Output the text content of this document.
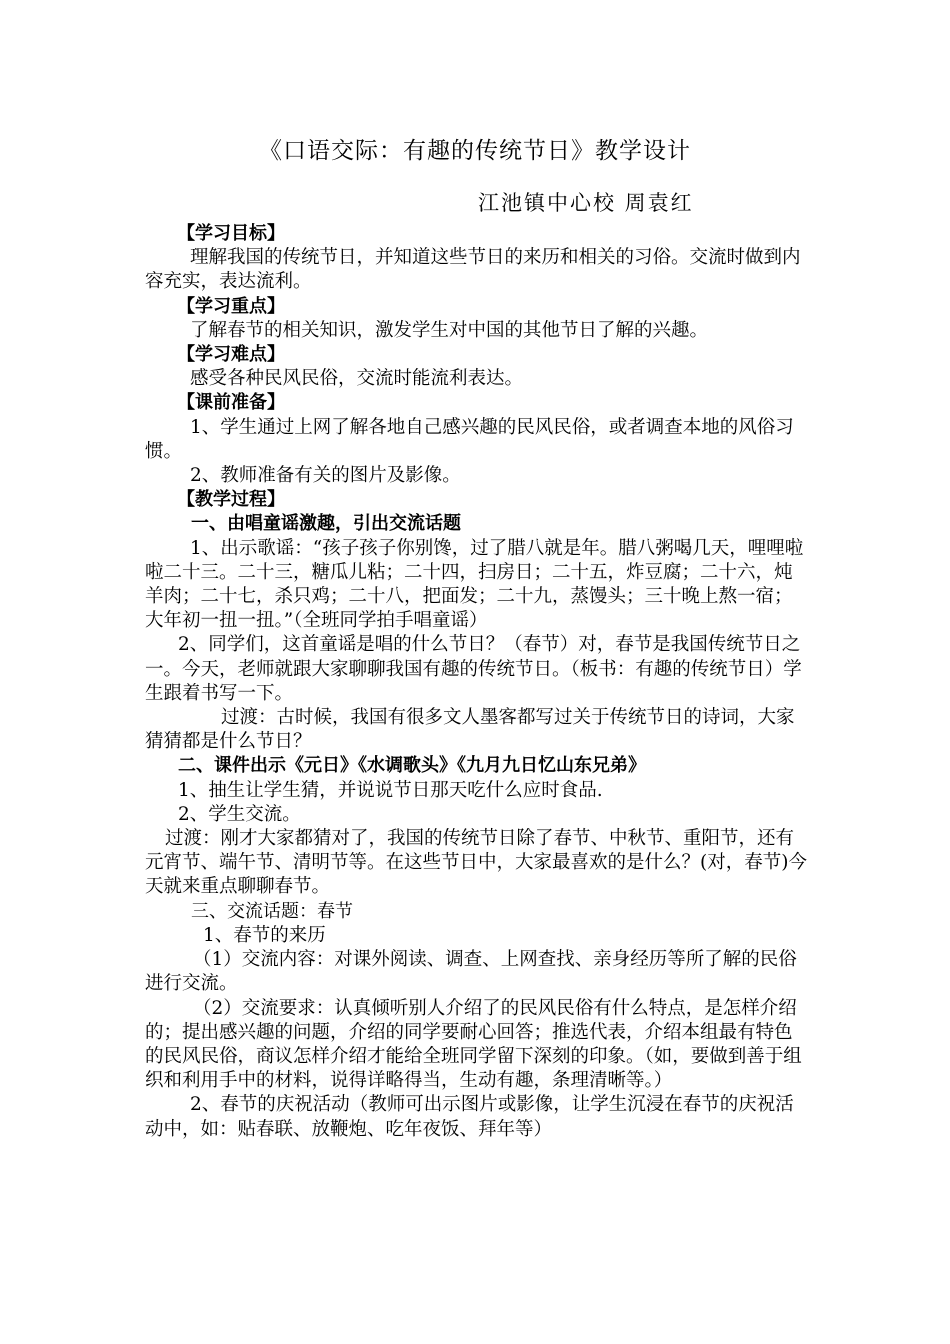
《口语交际：有趣的传统节日》教学设计
江池镇中心校 周袁红

【学习目标】

理解我国的传统节日，并知道这些节日的来历和相关的习俗。交流时做到内容充实，表达流利。

【学习重点】

了解春节的相关知识，激发学生对中国的其他节日了解的兴趣。

【学习难点】

感受各种民风民俗，交流时能流利表达。

【课前准备】

1、学生通过上网了解各地自己感兴趣的民风民俗，或者调查本地的风俗习惯。

2、教师准备有关的图片及影像。

【教学过程】

一、由唱童谣激趣，引出交流话题

1、出示歌谣：“孩子孩子你别馋，过了腊八就是年。腊八粥喝几天，哩哩啦啦二十三。二十三，糖瓜儿粘；二十四，扫房日；二十五，炸豆腐；二十六，炖羊肉；二十七，杀只鸡；二十八，把面发；二十九，蒸馒头；三十晚上熬一宿；大年初一扭一扭。”（全班同学拍手唱童谣）

2、同学们，这首童谣是唱的什么节日？（春节）对，春节是我国传统节日之一。今天，老师就跟大家聊聊我国有趣的传统节日。（板书：有趣的传统节日）学生跟着书写一下。

过渡：古时候，我国有很多文人墨客都写过关于传统节日的诗词，大家猜猜都是什么节日？

二、课件出示《元日》《水调歌头》《九月九日忆山东兄弟》

1、抽生让学生猜，并说说节日那天吃什么应时食品.

2、学生交流。

过渡：刚才大家都猜对了，我国的传统节日除了春节、中秋节、重阳节，还有元宵节、端午节、清明节等。在这些节日中，大家最喜欢的是什么？(对，春节)今天就来重点聊聊春节。

三、交流话题：春节

1、春节的来历

（1）交流内容：对课外阅读、调查、上网查找、亲身经历等所了解的民俗进行交流。

（2）交流要求：认真倾听别人介绍了的民风民俗有什么特点，是怎样介绍的；提出感兴趣的问题，介绍的同学要耐心回答；推选代表，介绍本组最有特色的民风民俗，商议怎样介绍才能给全班同学留下深刻的印象。（如，要做到善于组织和利用手中的材料，说得详略得当，生动有趣，条理清晰等。）

2、春节的庆祝活动（教师可出示图片或影像，让学生沉浸在春节的庆祝活动中，如：贴春联、放鞭炮、吃年夜饭、拜年等）
